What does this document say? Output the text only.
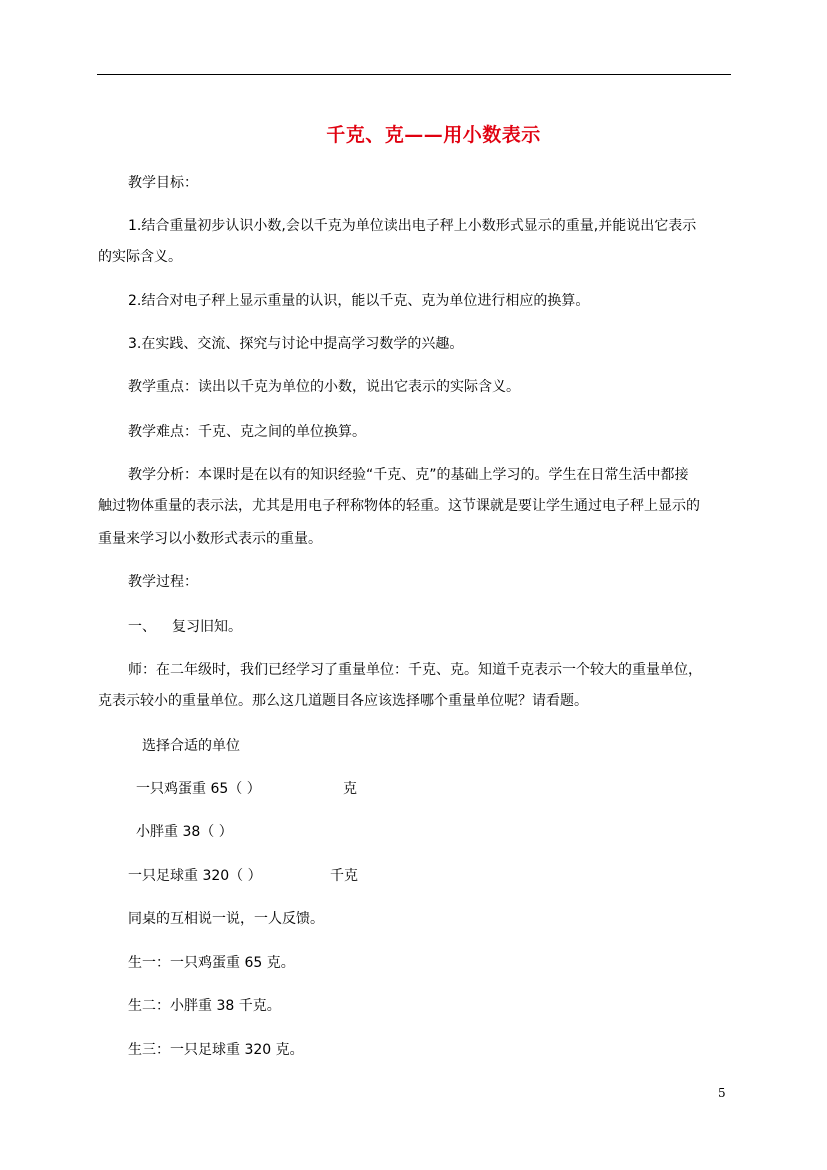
千克、克——用小数表示
教学目标：
1.结合重量初步认识小数,会以千克为单位读出电子秤上小数形式显示的重量,并能说出它表示
的实际含义。
2.结合对电子秤上显示重量的认识，能以千克、克为单位进行相应的换算。
3.在实践、交流、探究与讨论中提高学习数学的兴趣。
教学重点：读出以千克为单位的小数，说出它表示的实际含义。
教学难点：千克、克之间的单位换算。
教学分析：本课时是在以有的知识经验“千克、克”的基础上学习的。学生在日常生活中都接
触过物体重量的表示法，尤其是用电子秤称物体的轻重。这节课就是要让学生通过电子秤上显示的
重量来学习以小数形式表示的重量。
教学过程：
一、 复习旧知。
师：在二年级时，我们已经学习了重量单位：千克、克。知道千克表示一个较大的重量单位，
克表示较小的重量单位。那么这几道题目各应该选择哪个重量单位呢？请看题。
选择合适的单位
一只鸡蛋重 65（ ）	克
小胖重 38（ ）
一只足球重 320（ ）	千克
同桌的互相说一说，一人反馈。
生一：一只鸡蛋重 65 克。
生二：小胖重 38 千克。
生三：一只足球重 320 克。
5
